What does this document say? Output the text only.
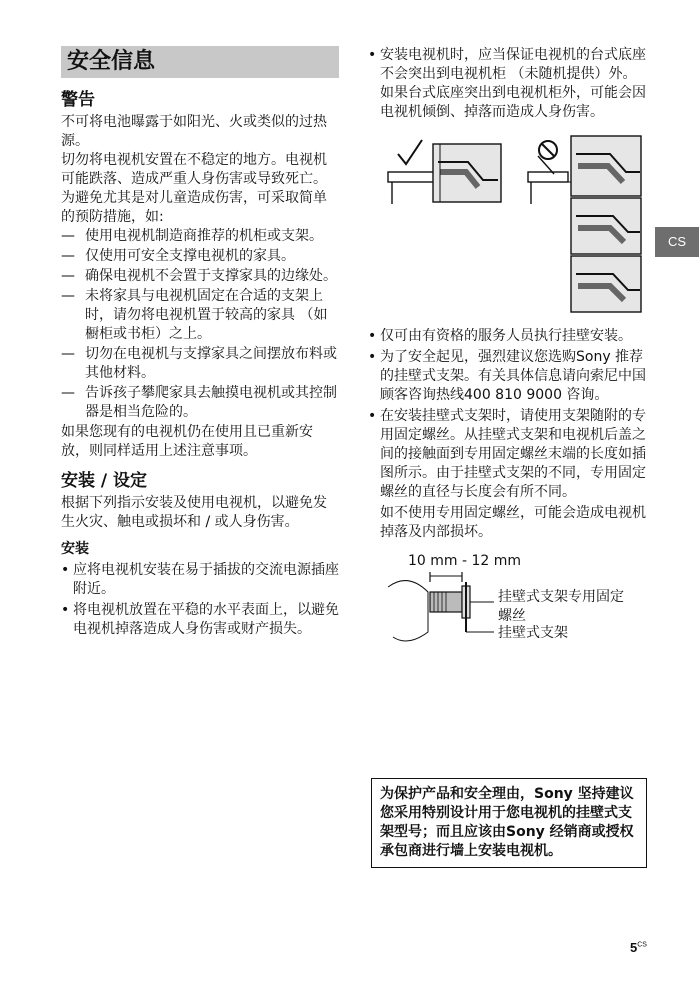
CS
安全信息
警告

不可将电池曝露于如阳光、火或类似的过热源。

切勿将电视机安置在不稳定的地方。电视机可能跌落、造成严重人身伤害或导致死亡。为避免尤其是对儿童造成伤害，可采取简单的预防措施，如:

— 使用电视机制造商推荐的机柜或支架。
— 仅使用可安全支撑电视机的家具。
— 确保电视机不会置于支撑家具的边缘处。
— 未将家具与电视机固定在合适的支架上时，请勿将电视机置于较高的家具 （如橱柜或书柜）之上。
— 切勿在电视机与支撑家具之间摆放布料或其他材料。
— 告诉孩子攀爬家具去触摸电视机或其控制器是相当危险的。

如果您现有的电视机仍在使用且已重新安放，则同样适用上述注意事项。

安装 / 设定

根据下列指示安装及使用电视机，以避免发生火灾、触电或损坏和 / 或人身伤害。

安装
• 应将电视机安装在易于插拔的交流电源插座附近。
• 将电视机放置在平稳的水平表面上，以避免电视机掉落造成人身伤害或财产损失。
• 安装电视机时，应当保证电视机的台式底座不会突出到电视机柜 （未随机提供）外。如果台式底座突出到电视机柜外，可能会因电视机倾倒、掉落而造成人身伤害。
• 仅可由有资格的服务人员执行挂壁安装。
• 为了安全起见，强烈建议您选购Sony 推荐的挂壁式支架。有关具体信息请向索尼中国顾客咨询热线400 810 9000 咨询。
• 在安装挂壁式支架时，请使用支架随附的专用固定螺丝。从挂壁式支架和电视机后盖之间的接触面到专用固定螺丝末端的长度如插图所示。由于挂壁式支架的不同，专用固定螺丝的直径与长度会有所不同。

如不使用专用固定螺丝，可能会造成电视机掉落及内部损坏。

10 mm - 12 mm
挂壁式支架专用固定螺丝
挂壁式支架
为保护产品和安全理由，Sony 坚持建议您采用特别设计用于您电视机的挂壁式支架型号；而且应该由Sony 经销商或授权承包商进行墙上安装电视机。
$5^{CS}$
